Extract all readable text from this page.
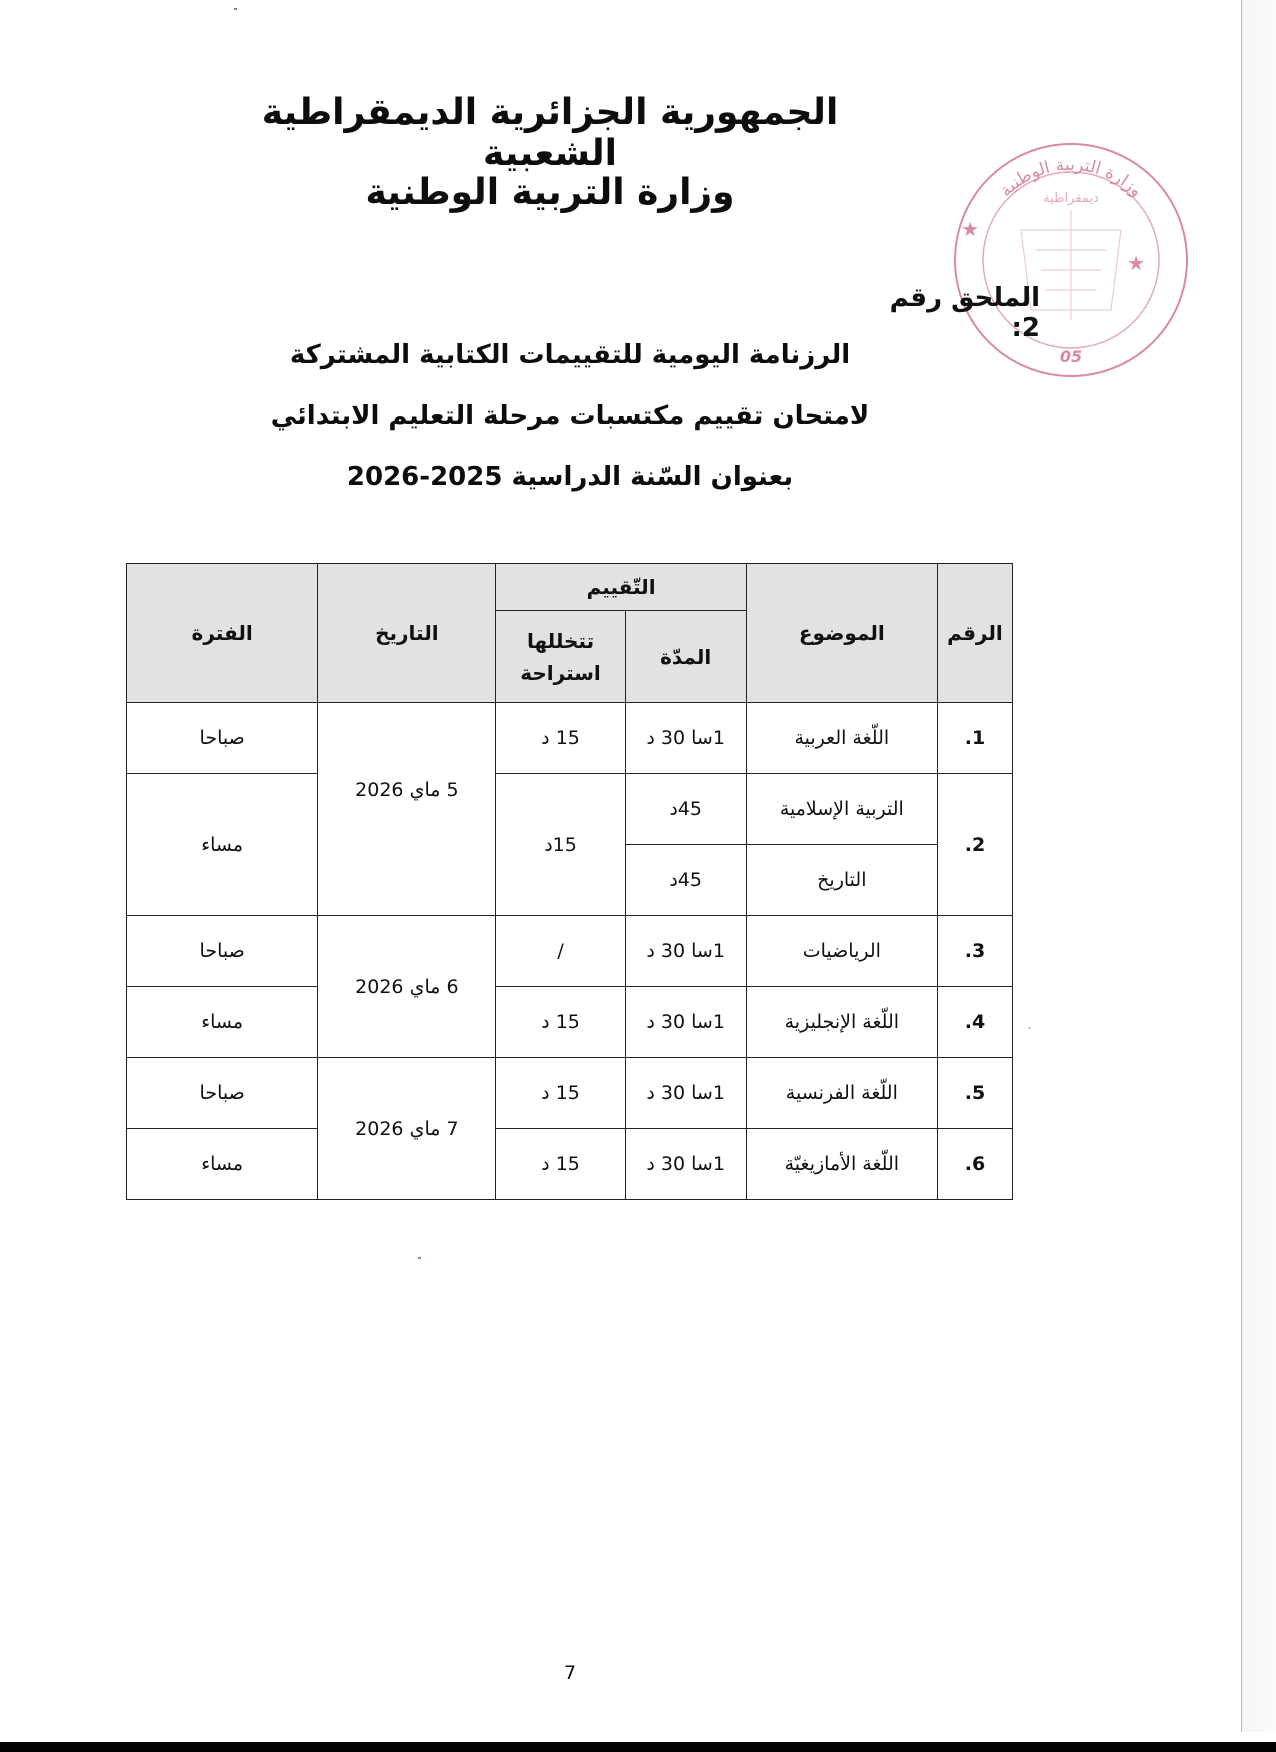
الجمهورية الجزائرية الديمقراطية الشعبية
وزارة التربية الوطنية	وزارة التربية الوطنية
ديمقراطية
★
★
05
الملحق رقم 2:
الرزنامة اليومية للتقييمات الكتابية المشتركة
لامتحان تقييم مكتسبات مرحلة التعليم الابتدائي
بعنوان السّنة الدراسية 2025-2026
الرقم	الموضوع	التّقييم		التاريخ	الفترة
		المدّة	تتخللها استراحة		
1.	اللّغة العربية	1سا 30 د	15 د	5 ماي 2026	صباحا
2.	التربية الإسلامية	45د	15د		مساء
	التاريخ	45د			
3.	الرياضيات	1سا 30 د	/	6 ماي 2026	صباحا
4.	اللّغة الإنجليزية	1سا 30 د	15 د		مساء
5.	اللّغة الفرنسية	1سا 30 د	15 د	7 ماي 2026	صباحا
6.	اللّغة الأمازيغيّة	1سا 30 د	15 د		مساء
7
